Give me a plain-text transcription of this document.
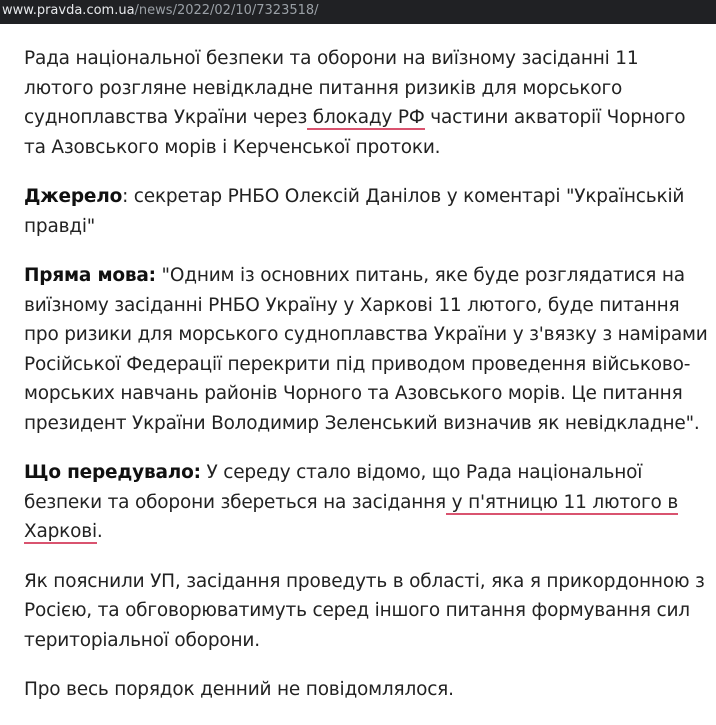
www.pravda.com.ua/news/2022/02/10/7323518/

Рада національної безпеки та оборони на виїзному засіданні 11 лютого розгляне невідкладне питання ризиків для морського судноплавства України через блокаду РФ частини акваторії Чорного та Азовського морів і Керченської протоки.

Джерело: секретар РНБО Олексій Данілов у коментарі "Українській правді"

Пряма мова: "Одним із основних питань, яке буде розглядатися на виїзному засіданні РНБО Україну у Харкові 11 лютого, буде питання про ризики для морського судноплавства України у з'вязку з намірами Російської Федерації перекрити під приводом проведення військово-морських навчань районів Чорного та Азовського морів. Це питання президент України Володимир Зеленський визначив як невідкладне".

Що передувало: У середу стало відомо, що Рада національної безпеки та оборони збереться на засідання у п'ятницю 11 лютого в Харкові.

Як пояснили УП, засідання проведуть в області, яка я прикордонною з Росією, та обговорюватимуть серед іншого питання формування сил територіальної оборони.

Про весь порядок денний не повідомлялося.
